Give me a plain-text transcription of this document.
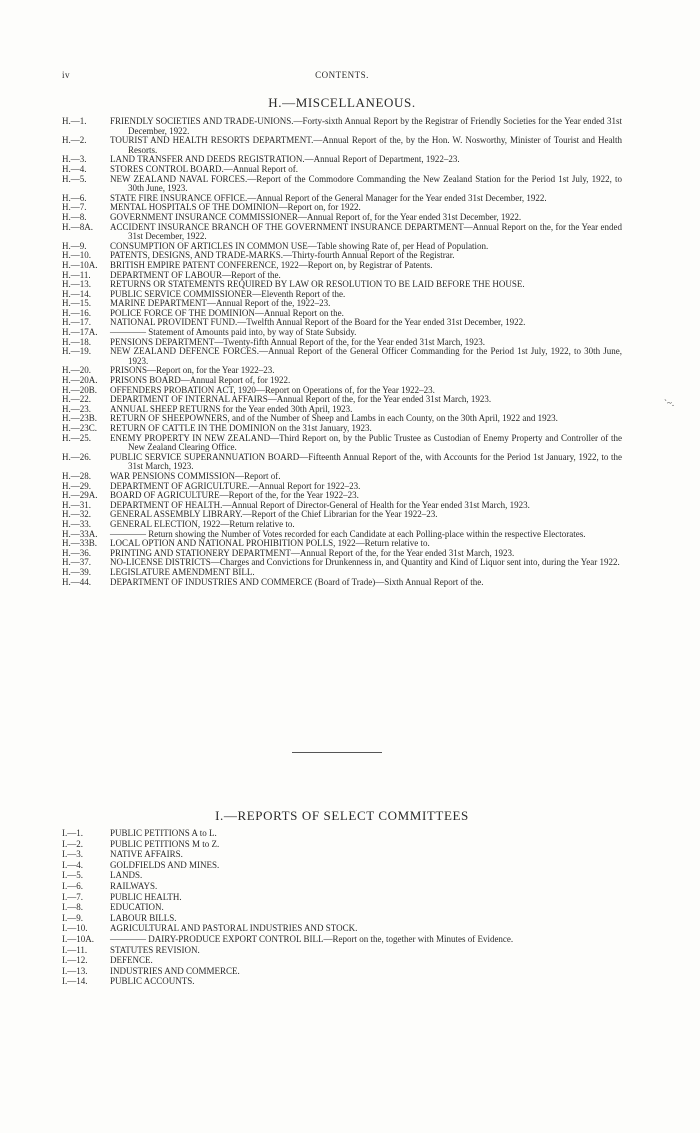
iv	CONTENTS.
H.—MISCELLANEOUS.
H.—1.	FRIENDLY SOCIETIES AND TRADE-UNIONS.—Forty-sixth Annual Report by the Registrar of Friendly Societies for the Year ended 31st December, 1922.
H.—2.	TOURIST AND HEALTH RESORTS DEPARTMENT.—Annual Report of the, by the Hon. W. Nosworthy, Minister of Tourist and Health Resorts.
H.—3.	LAND TRANSFER AND DEEDS REGISTRATION.—Annual Report of Department, 1922–23.
H.—4.	STORES CONTROL BOARD.—Annual Report of.
H.—5.	NEW ZEALAND NAVAL FORCES.—Report of the Commodore Commanding the New Zealand Station for the Period 1st July, 1922, to 30th June, 1923.
H.—6.	STATE FIRE INSURANCE OFFICE.—Annual Report of the General Manager for the Year ended 31st December, 1922.
H.—7.	MENTAL HOSPITALS OF THE DOMINION—Report on, for 1922.
H.—8.	GOVERNMENT INSURANCE COMMISSIONER—Annual Report of, for the Year ended 31st December, 1922.
H.—8A.	ACCIDENT INSURANCE BRANCH OF THE GOVERNMENT INSURANCE DEPARTMENT—Annual Report on the, for the Year ended 31st December, 1922.
H.—9.	CONSUMPTION OF ARTICLES IN COMMON USE—Table showing Rate of, per Head of Population.
H.—10.	PATENTS, DESIGNS, AND TRADE-MARKS.—Thirty-fourth Annual Report of the Registrar.
H.—10A.	BRITISH EMPIRE PATENT CONFERENCE, 1922—Report on, by Registrar of Patents.
H.—11.	DEPARTMENT OF LABOUR—Report of the.
H.—13.	RETURNS OR STATEMENTS REQUIRED BY LAW OR RESOLUTION TO BE LAID BEFORE THE HOUSE.
H.—14.	PUBLIC SERVICE COMMISSIONER—Eleventh Report of the.
H.—15.	MARINE DEPARTMENT—Annual Report of the, 1922–23.
H.—16.	POLICE FORCE OF THE DOMINION—Annual Report on the.
H.—17.	NATIONAL PROVIDENT FUND.—Twelfth Annual Report of the Board for the Year ended 31st December, 1922.
H.—17A.	———— Statement of Amounts paid into, by way of State Subsidy.
H.—18.	PENSIONS DEPARTMENT—Twenty-fifth Annual Report of the, for the Year ended 31st March, 1923.
H.—19.	NEW ZEALAND DEFENCE FORCES.—Annual Report of the General Officer Commanding for the Period 1st July, 1922, to 30th June, 1923.
H.—20.	PRISONS—Report on, for the Year 1922–23.
H.—20A.	PRISONS BOARD—Annual Report of, for 1922.
H.—20B.	OFFENDERS PROBATION ACT, 1920—Report on Operations of, for the Year 1922–23.
H.—22.	DEPARTMENT OF INTERNAL AFFAIRS—Annual Report of the, for the Year ended 31st March, 1923.
H.—23.	ANNUAL SHEEP RETURNS for the Year ended 30th April, 1923.
H.—23B.	RETURN OF SHEEPOWNERS, and of the Number of Sheep and Lambs in each County, on the 30th April, 1922 and 1923.
H.—23C.	RETURN OF CATTLE IN THE DOMINION on the 31st January, 1923.
H.—25.	ENEMY PROPERTY IN NEW ZEALAND—Third Report on, by the Public Trustee as Custodian of Enemy Property and Controller of the New Zealand Clearing Office.
H.—26.	PUBLIC SERVICE SUPERANNUATION BOARD—Fifteenth Annual Report of the, with Accounts for the Period 1st January, 1922, to the 31st March, 1923.
H.—28.	WAR PENSIONS COMMISSION—Report of.
H.—29.	DEPARTMENT OF AGRICULTURE.—Annual Report for 1922–23.
H.—29A.	BOARD OF AGRICULTURE—Report of the, for the Year 1922–23.
H.—31.	DEPARTMENT OF HEALTH.—Annual Report of Director-General of Health for the Year ended 31st March, 1923.
H.—32.	GENERAL ASSEMBLY LIBRARY.—Report of the Chief Librarian for the Year 1922–23.
H.—33.	GENERAL ELECTION, 1922—Return relative to.
H.—33A.	———— Return showing the Number of Votes recorded for each Candidate at each Polling-place within the respective Electorates.
H.—33B.	LOCAL OPTION AND NATIONAL PROHIBITION POLLS, 1922—Return relative to.
H.—36.	PRINTING AND STATIONERY DEPARTMENT—Annual Report of the, for the Year ended 31st March, 1923.
H.—37.	NO-LICENSE DISTRICTS—Charges and Convictions for Drunkenness in, and Quantity and Kind of Liquor sent into, during the Year 1922.
H.—39.	LEGISLATURE AMENDMENT BILL.
H.—44.	DEPARTMENT OF INDUSTRIES AND COMMERCE (Board of Trade)—Sixth Annual Report of the.
`~.
I.—REPORTS OF SELECT COMMITTEES
I.—1.	PUBLIC PETITIONS A to L.
I.—2.	PUBLIC PETITIONS M to Z.
I.—3.	NATIVE AFFAIRS.
I.—4.	GOLDFIELDS AND MINES.
I.—5.	LANDS.
I.—6.	RAILWAYS.
I.—7.	PUBLIC HEALTH.
I.—8.	EDUCATION.
I.—9.	LABOUR BILLS.
I.—10.	AGRICULTURAL AND PASTORAL INDUSTRIES AND STOCK.
I.—10A.	———— DAIRY-PRODUCE EXPORT CONTROL BILL—Report on the, together with Minutes of Evidence.
I.—11.	STATUTES REVISION.
I.—12.	DEFENCE.
I.—13.	INDUSTRIES AND COMMERCE.
I.—14.	PUBLIC ACCOUNTS.
